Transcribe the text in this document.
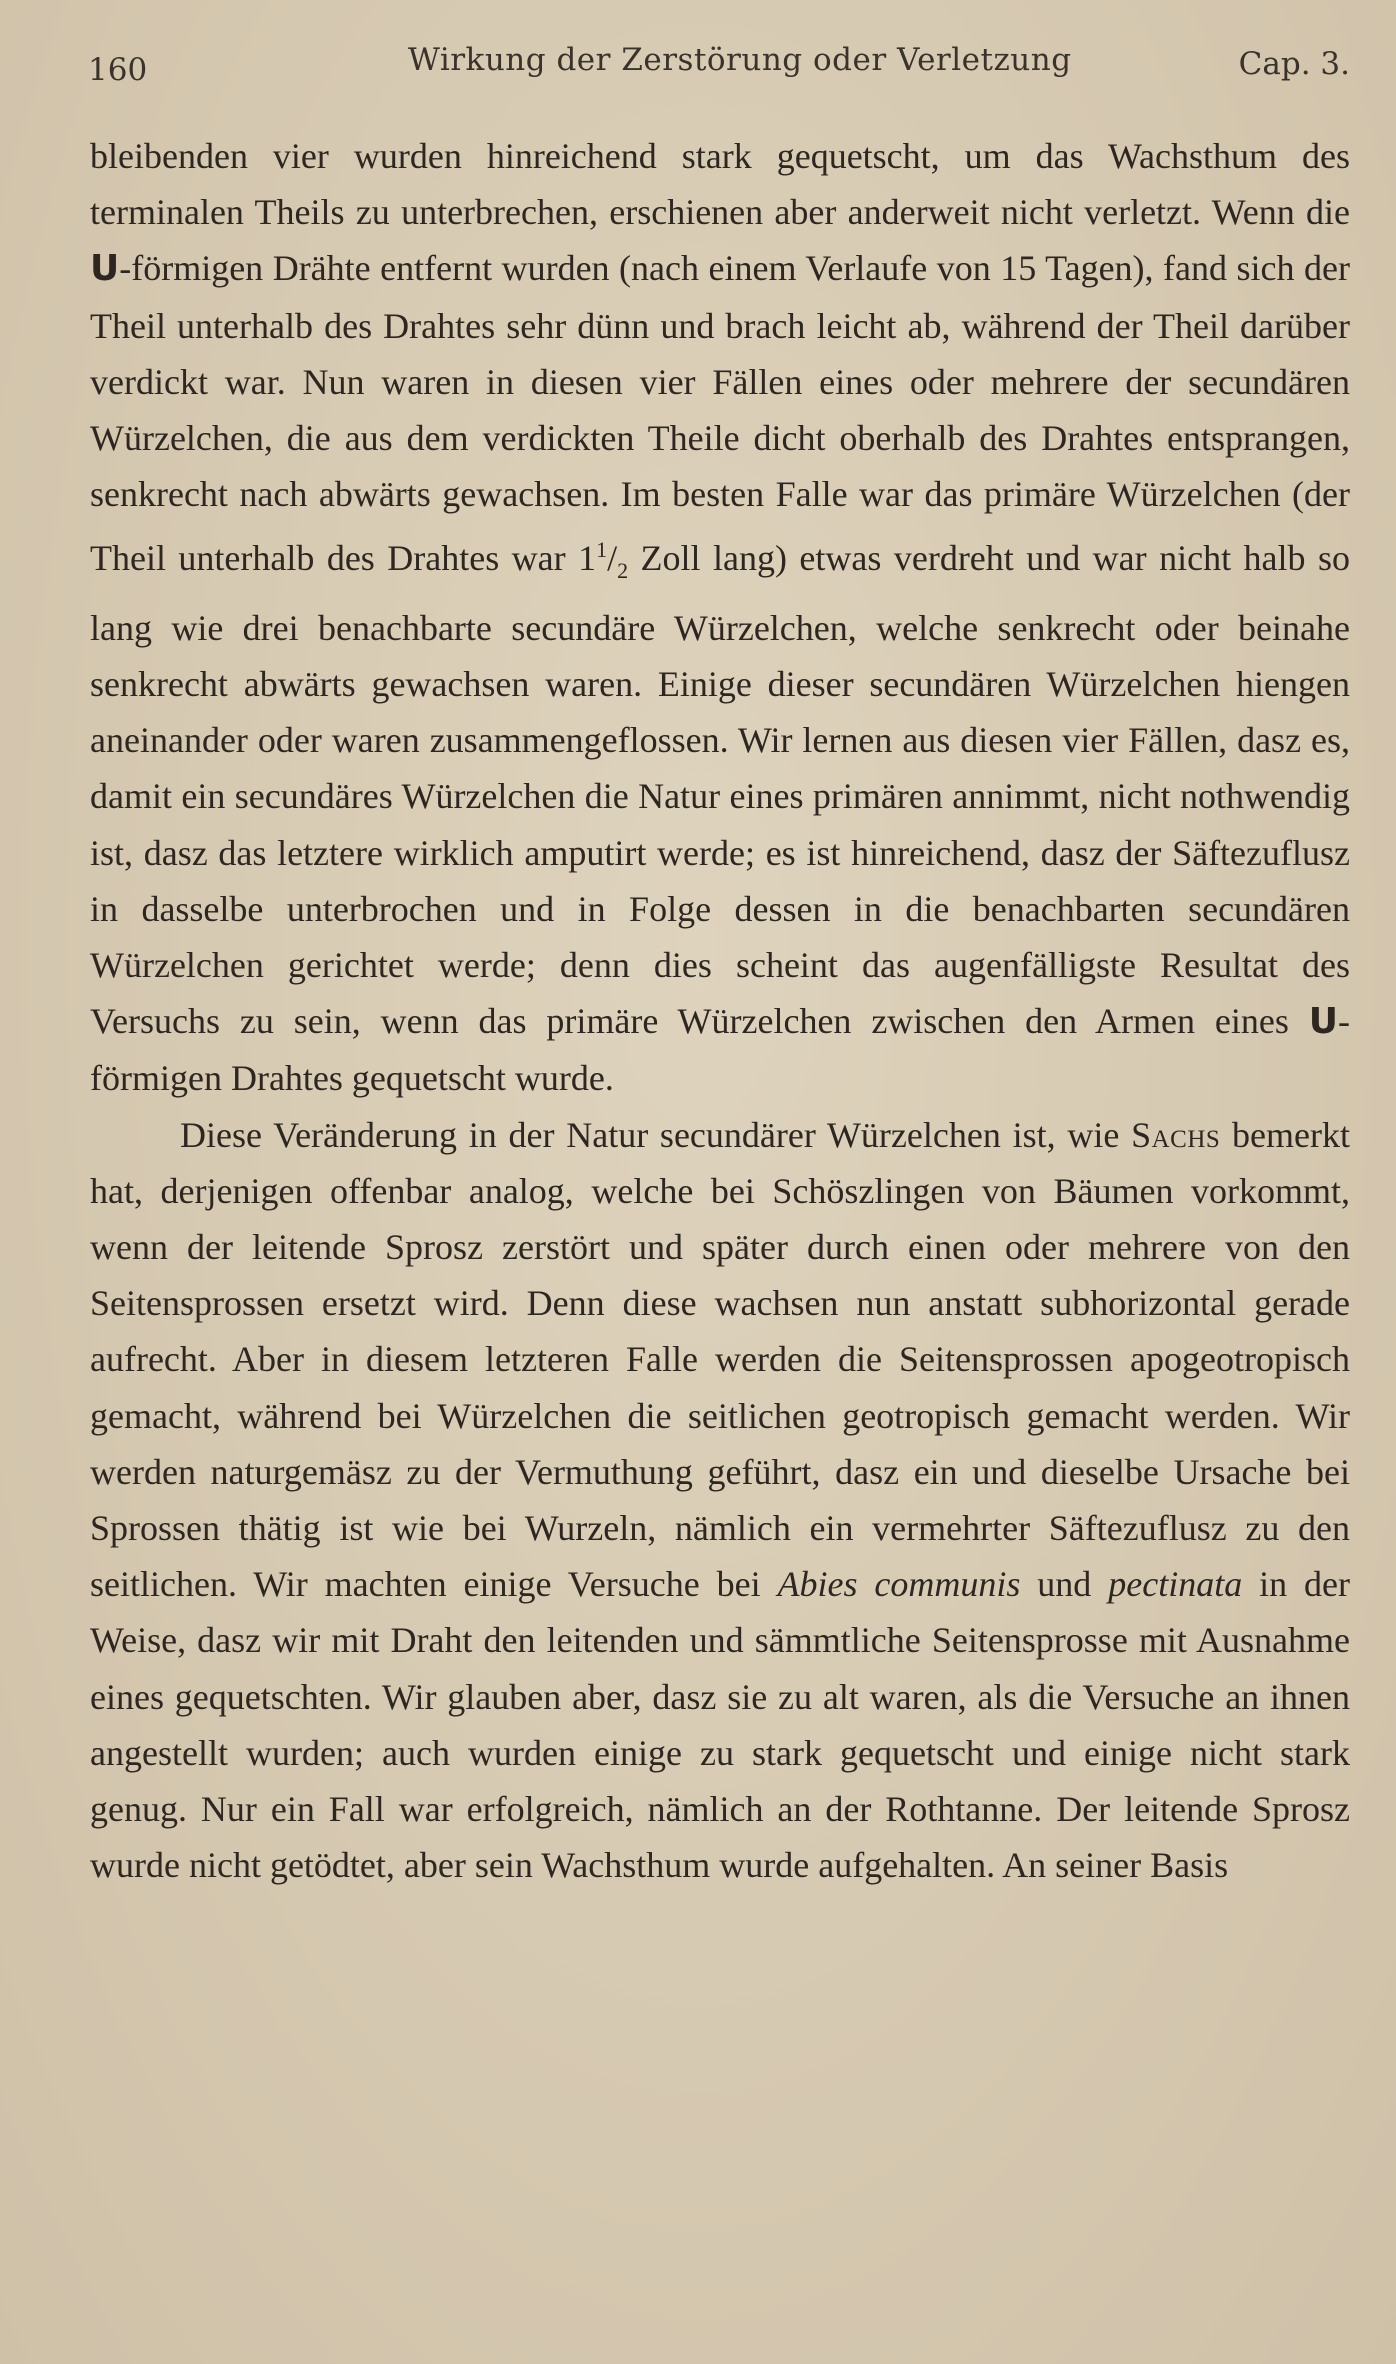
160	Wirkung der Zerstörung oder Verletzung	Cap. 3.

bleibenden vier wurden hinreichend stark gequetscht, um das Wachsthum des terminalen Theils zu unterbrechen, erschienen aber anderweit nicht verletzt. Wenn die U-förmigen Drähte entfernt wurden (nach einem Verlaufe von 15 Tagen), fand sich der Theil unterhalb des Drahtes sehr dünn und brach leicht ab, während der Theil darüber verdickt war. Nun waren in diesen vier Fällen eines oder mehrere der secundären Würzelchen, die aus dem verdickten Theile dicht oberhalb des Drahtes entsprangen, senkrecht nach abwärts gewachsen. Im besten Falle war das primäre Würzelchen (der Theil unterhalb des Drahtes war $1^1/_2$ Zoll lang) etwas verdreht und war nicht halb so lang wie drei benachbarte secundäre Würzelchen, welche senkrecht oder beinahe senkrecht abwärts gewachsen waren. Einige dieser secundären Würzelchen hiengen aneinander oder waren zusammengeflossen. Wir lernen aus diesen vier Fällen, dasz es, damit ein secundäres Würzelchen die Natur eines primären annimmt, nicht nothwendig ist, dasz das letztere wirklich amputirt werde; es ist hinreichend, dasz der Säftezuflusz in dasselbe unterbrochen und in Folge dessen in die benachbarten secundären Würzelchen gerichtet werde; denn dies scheint das augenfälligste Resultat des Versuchs zu sein, wenn das primäre Würzelchen zwischen den Armen eines U-förmigen Drahtes gequetscht wurde.

Diese Veränderung in der Natur secundärer Würzelchen ist, wie Sachs bemerkt hat, derjenigen offenbar analog, welche bei Schöszlingen von Bäumen vorkommt, wenn der leitende Sprosz zerstört und später durch einen oder mehrere von den Seitensprossen ersetzt wird. Denn diese wachsen nun anstatt subhorizontal gerade aufrecht. Aber in diesem letzteren Falle werden die Seitensprossen apogeotropisch gemacht, während bei Würzelchen die seitlichen geotropisch gemacht werden. Wir werden naturgemäsz zu der Vermuthung geführt, dasz ein und dieselbe Ursache bei Sprossen thätig ist wie bei Wurzeln, nämlich ein vermehrter Säftezuflusz zu den seitlichen. Wir machten einige Versuche bei Abies communis und pectinata in der Weise, dasz wir mit Draht den leitenden und sämmtliche Seitensprosse mit Ausnahme eines gequetschten. Wir glauben aber, dasz sie zu alt waren, als die Versuche an ihnen angestellt wurden; auch wurden einige zu stark gequetscht und einige nicht stark genug. Nur ein Fall war erfolgreich, nämlich an der Rothtanne. Der leitende Sprosz wurde nicht getödtet, aber sein Wachsthum wurde aufgehalten. An seiner Basis
